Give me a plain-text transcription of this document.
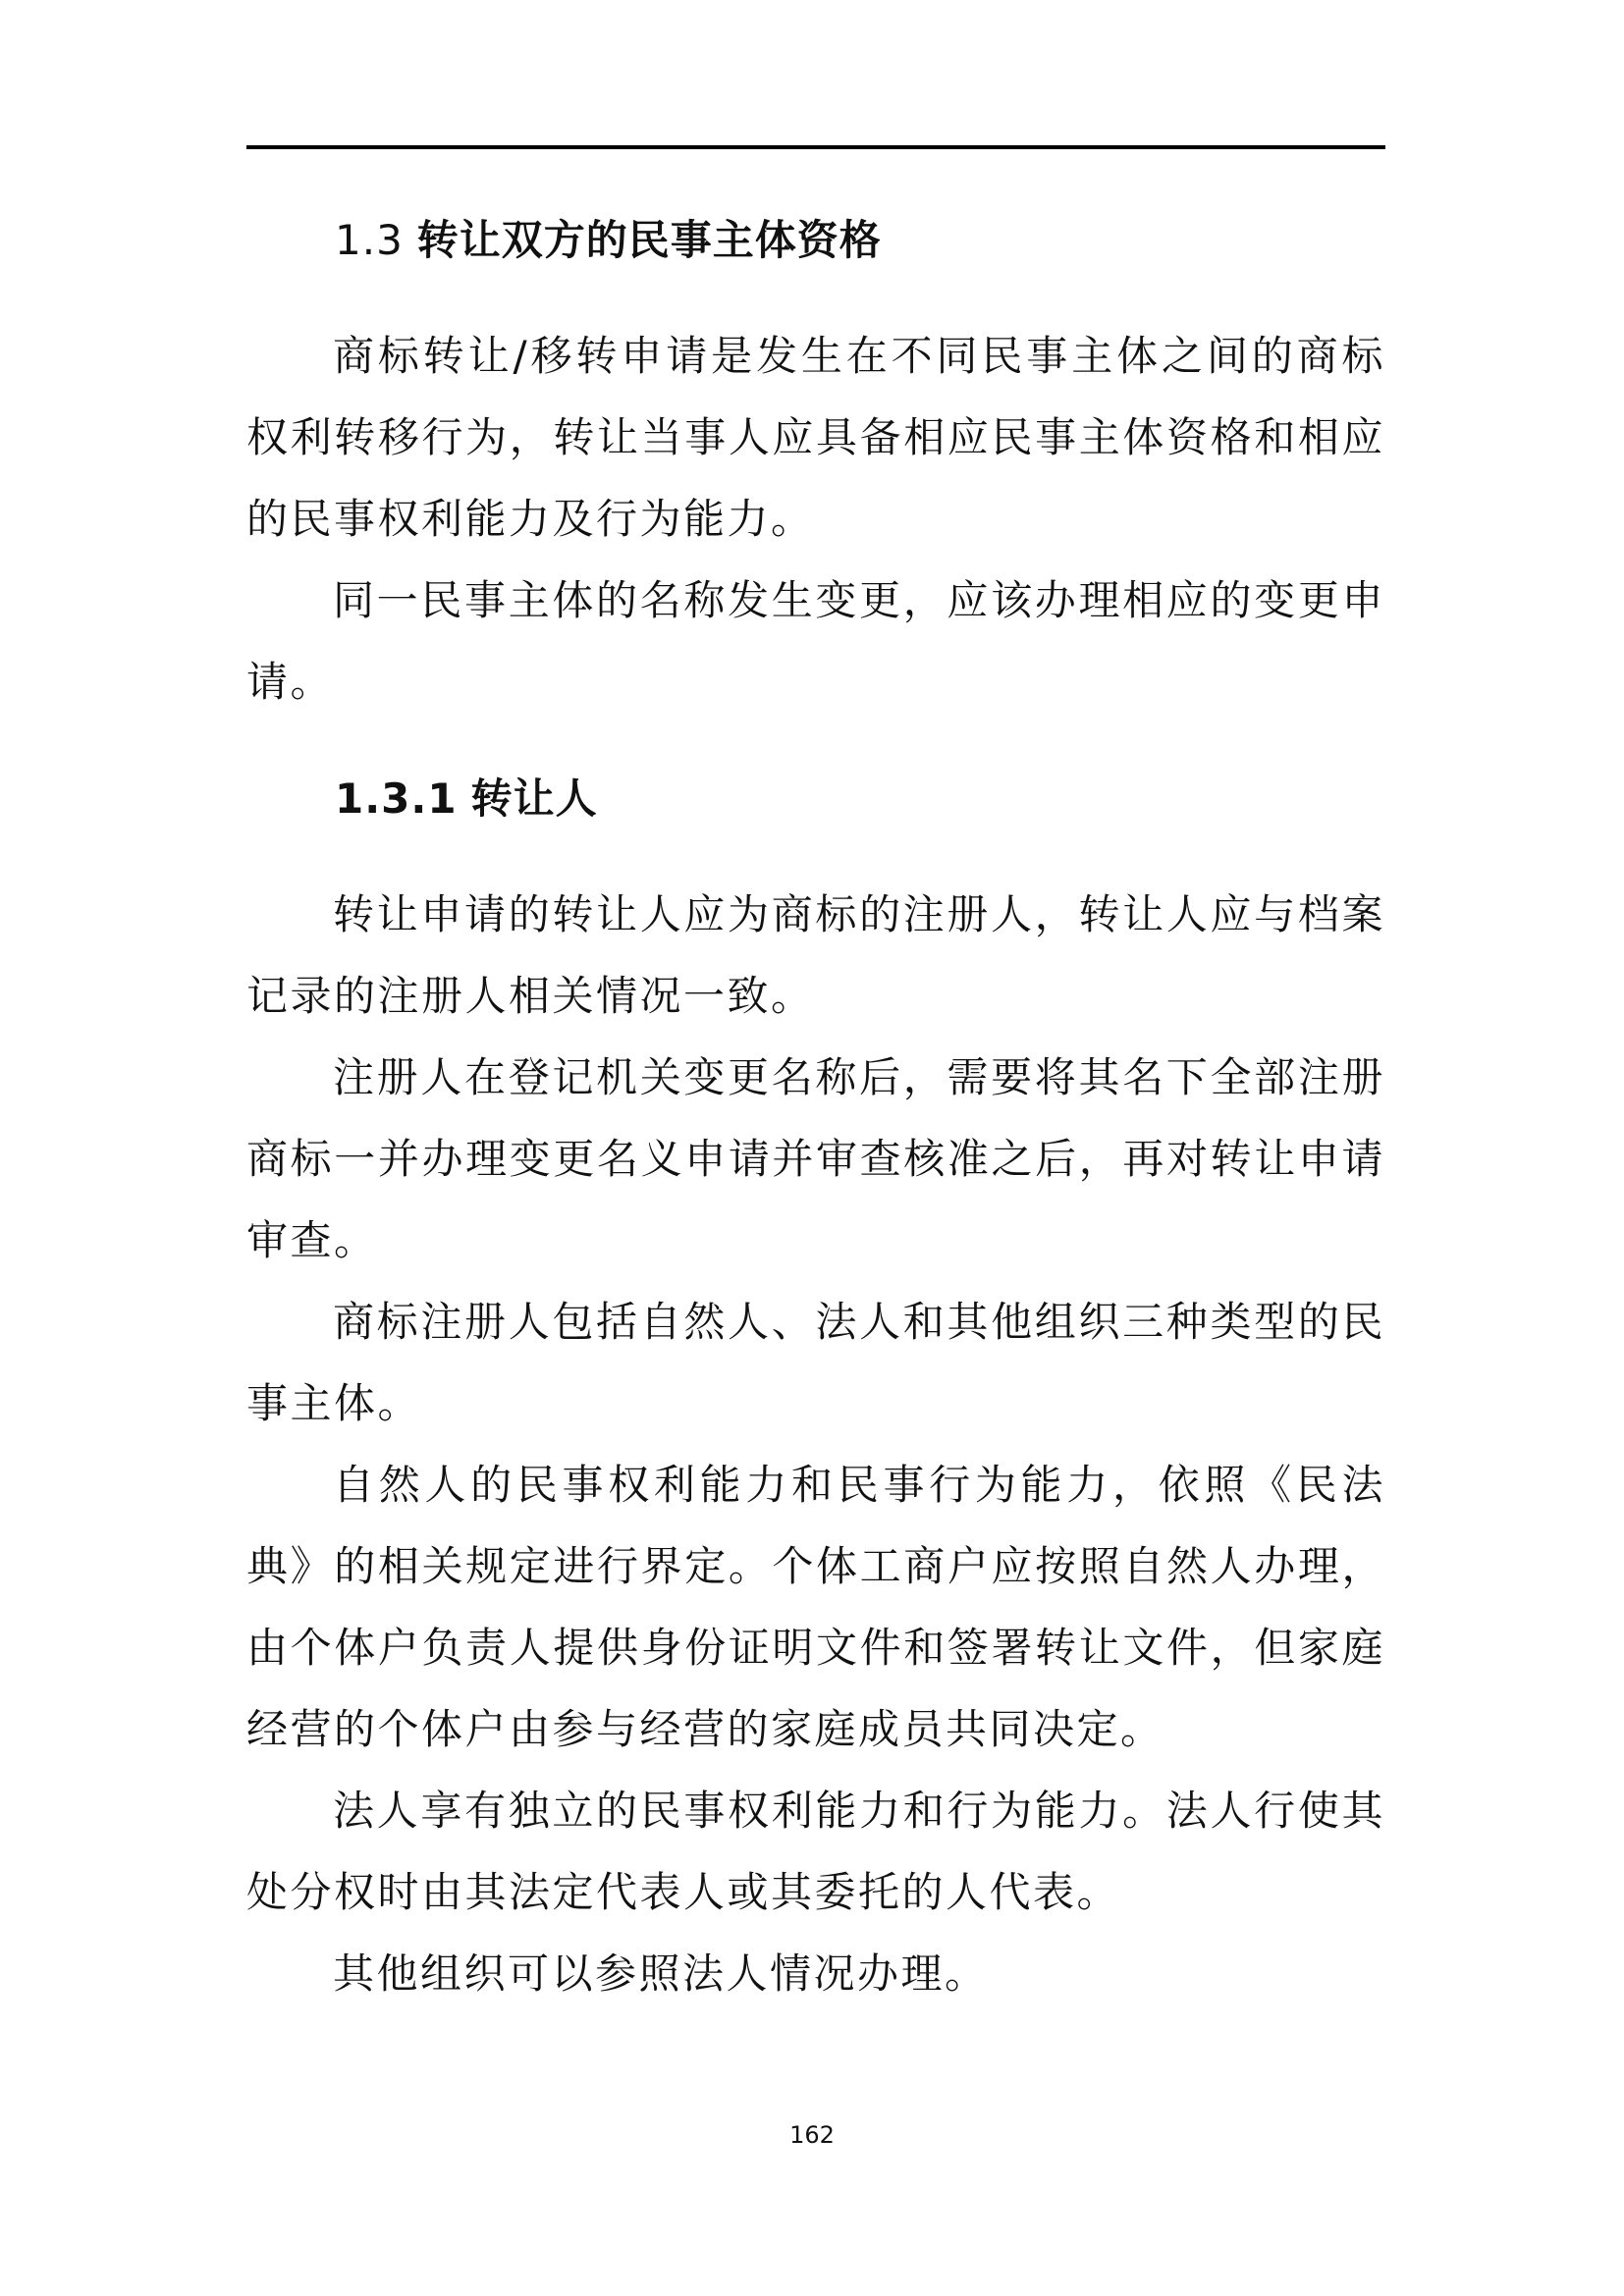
1.3 转让双方的民事主体资格

商标转让/移转申请是发生在不同民事主体之间的商标权利转移行为，转让当事人应具备相应民事主体资格和相应的民事权利能力及行为能力。

同一民事主体的名称发生变更，应该办理相应的变更申请。

1.3.1 转让人

转让申请的转让人应为商标的注册人，转让人应与档案记录的注册人相关情况一致。

注册人在登记机关变更名称后，需要将其名下全部注册商标一并办理变更名义申请并审查核准之后，再对转让申请审查。

商标注册人包括自然人、法人和其他组织三种类型的民事主体。

自然人的民事权利能力和民事行为能力，依照《民法典》的相关规定进行界定。个体工商户应按照自然人办理，由个体户负责人提供身份证明文件和签署转让文件，但家庭经营的个体户由参与经营的家庭成员共同决定。

法人享有独立的民事权利能力和行为能力。法人行使其处分权时由其法定代表人或其委托的人代表。

其他组织可以参照法人情况办理。

162
